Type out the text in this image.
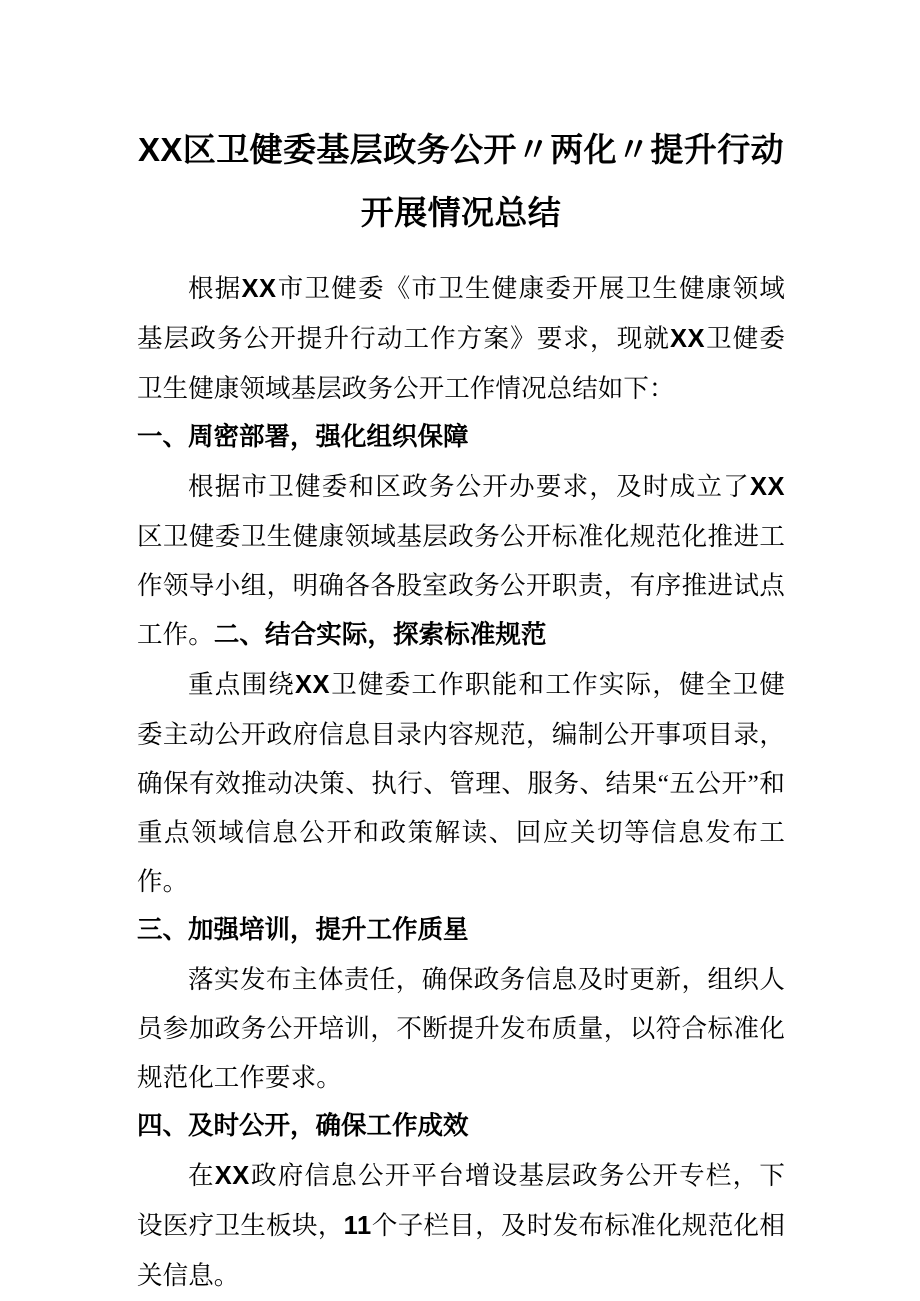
XX区卫健委基层政务公开〃两化〃提升行动开展情况总结

根据XX市卫健委《市卫生健康委开展卫生健康领域基层政务公开提升行动工作方案》要求，现就XX卫健委卫生健康领域基层政务公开工作情况总结如下：

一、周密部署，强化组织保障

根据市卫健委和区政务公开办要求，及时成立了XX区卫健委卫生健康领域基层政务公开标准化规范化推进工作领导小组，明确各各股室政务公开职责，有序推进试点工作。二、结合实际，探索标准规范

重点围绕XX卫健委工作职能和工作实际，健全卫健委主动公开政府信息目录内容规范，编制公开事项目录，确保有效推动决策、执行、管理、服务、结果“五公开”和重点领域信息公开和政策解读、回应关切等信息发布工作。

三、加强培训，提升工作质星

落实发布主体责任，确保政务信息及时更新，组织人员参加政务公开培训，不断提升发布质量，以符合标准化规范化工作要求。

四、及时公开，确保工作成效

在XX政府信息公开平台增设基层政务公开专栏，下设医疗卫生板块，11个子栏目，及时发布标准化规范化相关信息。
